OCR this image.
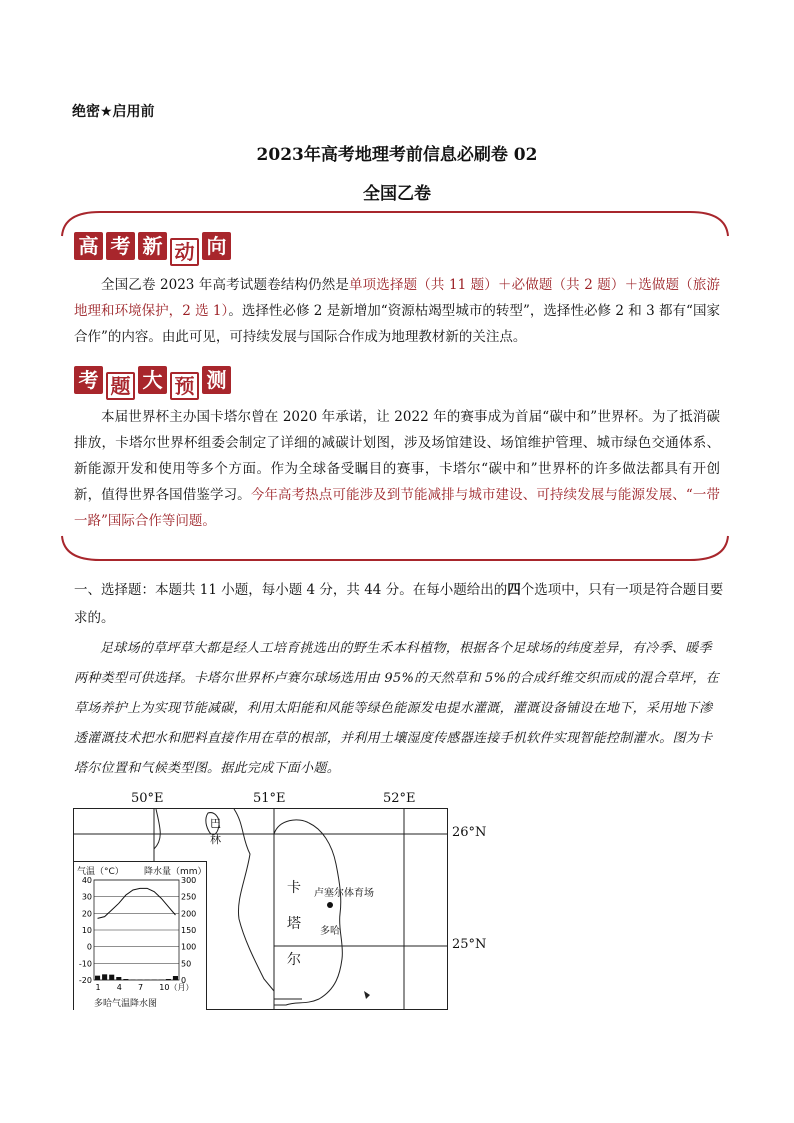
绝密★启用前
2023年高考地理考前信息必刷卷 02
全国乙卷
高 考 新 动 向
全国乙卷 2023 年高考试题卷结构仍然是单项选择题（共 11 题）＋必做题（共 2 题）＋选做题（旅游地理和环境保护，2 选 1）。选择性必修 2 是新增加“资源枯竭型城市的转型”，选择性必修 2 和 3 都有“国家合作”的内容。由此可见，可持续发展与国际合作成为地理教材新的关注点。
考 题 大 预 测
本届世界杯主办国卡塔尔曾在 2020 年承诺，让 2022 年的赛事成为首届“碳中和”世界杯。为了抵消碳排放，卡塔尔世界杯组委会制定了详细的减碳计划图，涉及场馆建设、场馆维护管理、城市绿色交通体系、新能源开发和使用等多个方面。作为全球备受瞩目的赛事，卡塔尔“碳中和”世界杯的许多做法都具有开创新，值得世界各国借鉴学习。今年高考热点可能涉及到节能减排与城市建设、可持续发展与能源发展、“一带一路”国际合作等问题。
一、选择题：本题共 11 小题，每小题 4 分，共 44 分。在每小题给出的四个选项中，只有一项是符合题目要求的。
足球场的草坪草大都是经人工培育挑选出的野生禾本科植物，根据各个足球场的纬度差异，有冷季、暖季两种类型可供选择。卡塔尔世界杯卢赛尔球场选用由 95%的天然草和 5%的合成纤维交织而成的混合草坪，在草场养护上为实现节能减碳，利用太阳能和风能等绿色能源发电提水灌溉，灌溉设备铺设在地下，采用地下渗透灌溉技术把水和肥料直接作用在草的根部，并利用土壤湿度传感器连接手机软件实现智能控制灌水。图为卡塔尔位置和气候类型图。据此完成下面小题。
50°E	51°E	52°E
26°N
25°N
卡
塔
尔
巴
林
卢塞尔体育场
多哈
气温（°C） 降水量（mm）
40	300
30	250
20	200
10	150
0	100
-10	50
-20	0
1 4 7 10（月）
多哈气温降水图
